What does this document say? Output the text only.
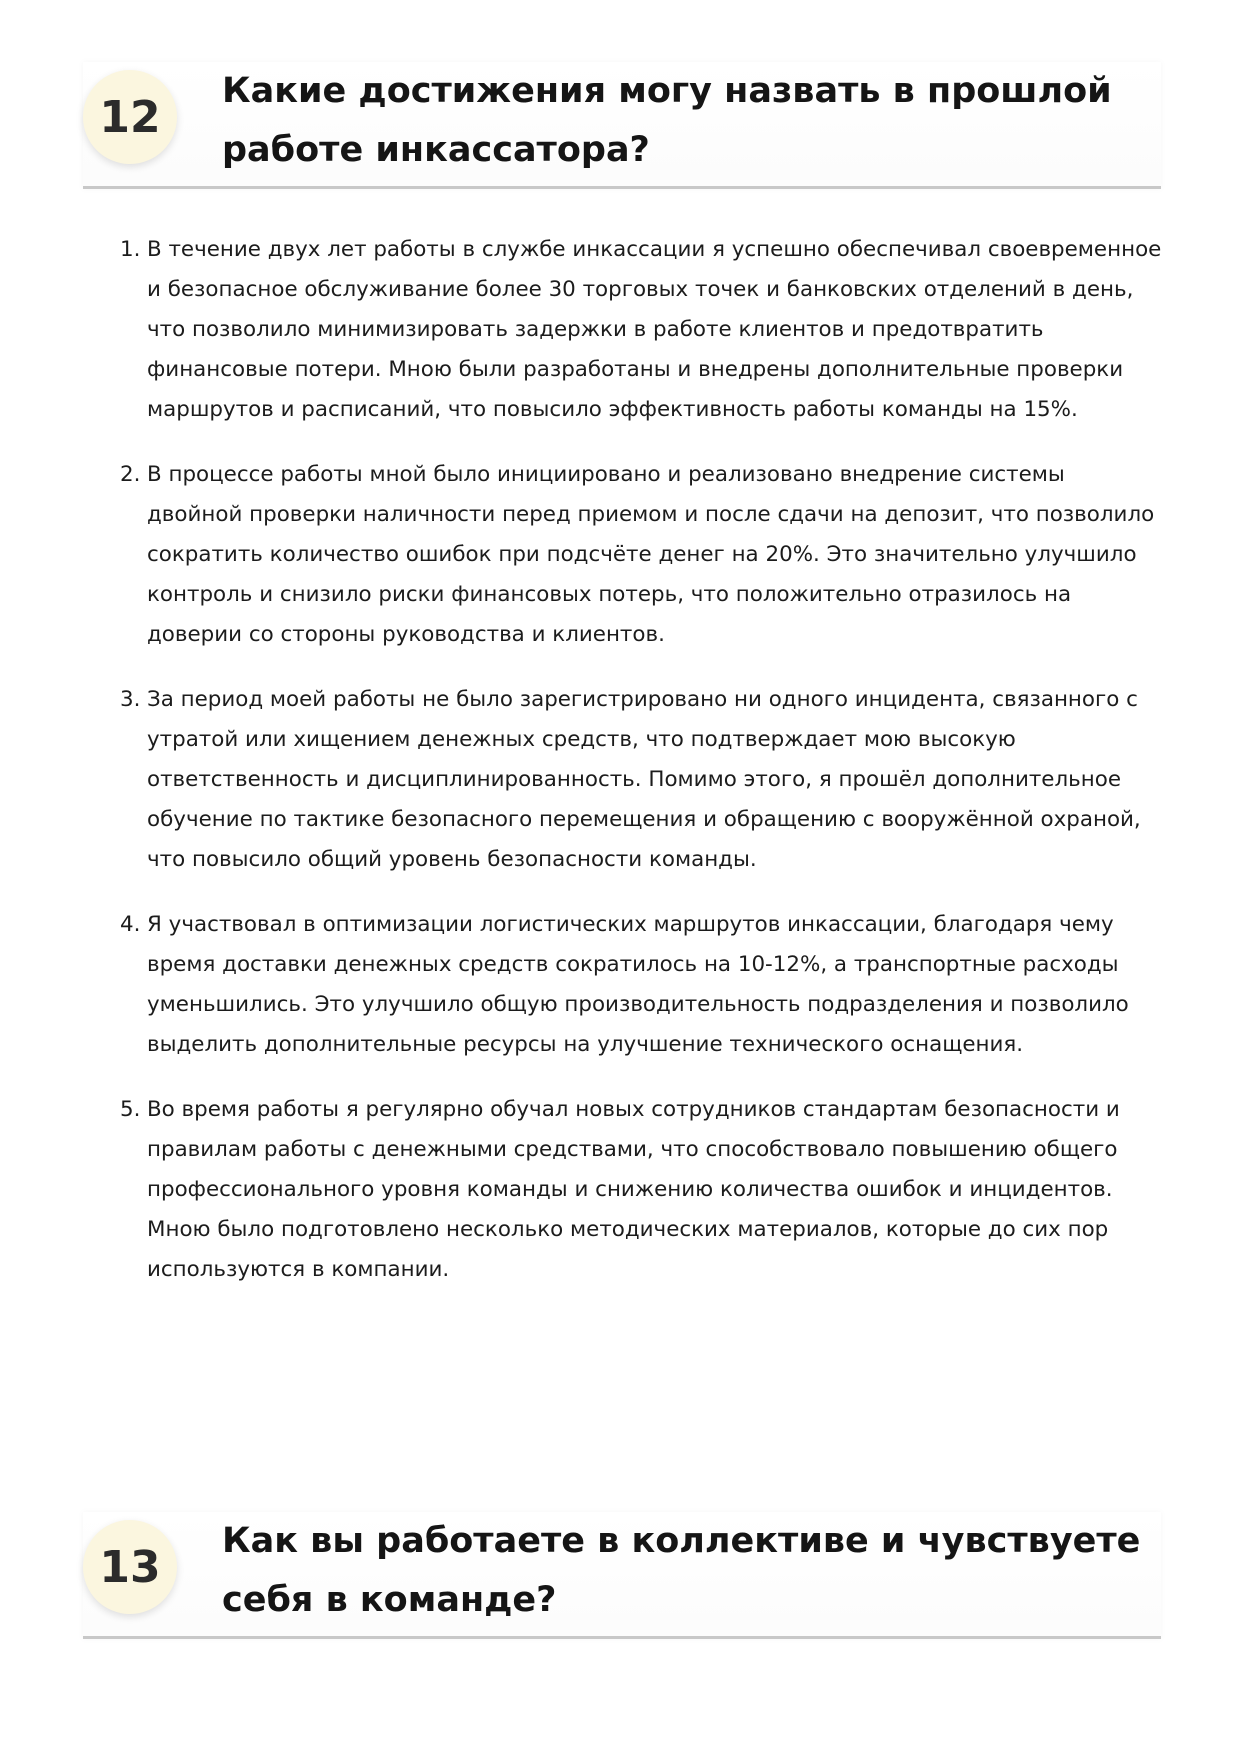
12
Какие достижения могу назвать в прошлой работе инкассатора?
1. В течение двух лет работы в службе инкассации я успешно обеспечивал своевременное и безопасное обслуживание более 30 торговых точек и банковских отделений в день, что позволило минимизировать задержки в работе клиентов и предотвратить финансовые потери. Мною были разработаны и внедрены дополнительные проверки маршрутов и расписаний, что повысило эффективность работы команды на 15%.
2. В процессе работы мной было инициировано и реализовано внедрение системы двойной проверки наличности перед приемом и после сдачи на депозит, что позволило сократить количество ошибок при подсчёте денег на 20%. Это значительно улучшило контроль и снизило риски финансовых потерь, что положительно отразилось на доверии со стороны руководства и клиентов.
3. За период моей работы не было зарегистрировано ни одного инцидента, связанного с утратой или хищением денежных средств, что подтверждает мою высокую ответственность и дисциплинированность. Помимо этого, я прошёл дополнительное обучение по тактике безопасного перемещения и обращению с вооружённой охраной, что повысило общий уровень безопасности команды.
4. Я участвовал в оптимизации логистических маршрутов инкассации, благодаря чему время доставки денежных средств сократилось на 10-12%, а транспортные расходы уменьшились. Это улучшило общую производительность подразделения и позволило выделить дополнительные ресурсы на улучшение технического оснащения.
5. Во время работы я регулярно обучал новых сотрудников стандартам безопасности и правилам работы с денежными средствами, что способствовало повышению общего профессионального уровня команды и снижению количества ошибок и инцидентов. Мною было подготовлено несколько методических материалов, которые до сих пор используются в компании.
13
Как вы работаете в коллективе и чувствуете себя в команде?
